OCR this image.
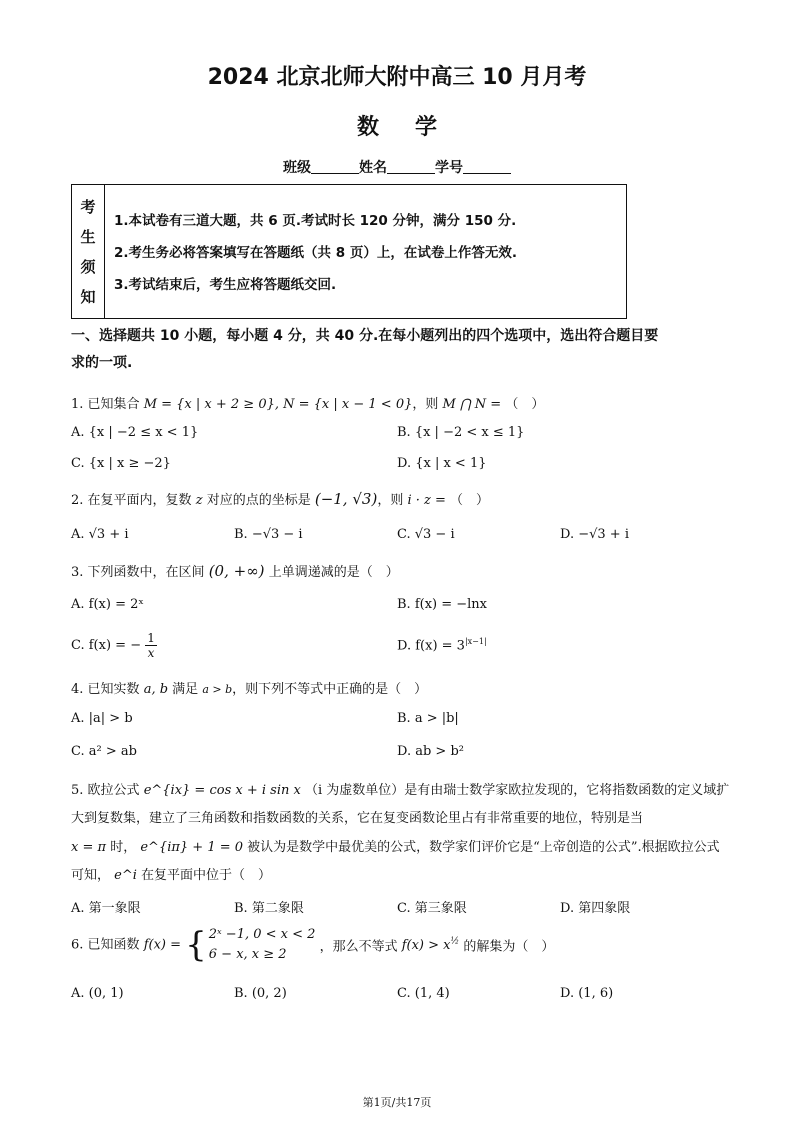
2024 北京北师大附中高三 10 月月考
数学
班级	姓名	学号
考
生
须
知
1.本试卷有三道大题，共 6 页.考试时长 120 分钟，满分 150 分.
2.考生务必将答案填写在答题纸（共 8 页）上，在试卷上作答无效.
3.考试结束后，考生应将答题纸交回.
一、选择题共 10 小题，每小题 4 分，共 40 分.在每小题列出的四个选项中，选出符合题目要
求的一项.
1. 已知集合 M = {x | x + 2 ≥ 0}, N = {x | x − 1 < 0}，则 M ⋂ N = （　）
A. {x | −2 ≤ x < 1}	B. {x | −2 < x ≤ 1}
C. {x | x ≥ −2}	D. {x | x < 1}
2. 在复平面内，复数 z 对应的点的坐标是 (−1, √3)，则 i · z = （　）
A. √3 + i	B. −√3 − i	C. √3 − i	D. −√3 + i
3. 下列函数中，在区间 (0, +∞) 上单调递减的是（　）
A. f(x) = 2ˣ	B. f(x) = −lnx
C. f(x) = − $\frac{1}{x}$	D. $f(x) = 3^{|x-1|}$
4. 已知实数 a, b 满足 a > b，则下列不等式中正确的是（　）
A. |a| > b	B. a > |b|
C. a² > ab	D. ab > b²
5. 欧拉公式 e^{ix} = cos x + i sin x （i 为虚数单位）是有由瑞士数学家欧拉发现的，它将指数函数的定义域扩
大到复数集，建立了三角函数和指数函数的关系，它在复变函数论里占有非常重要的地位，特别是当
x = π 时， e^{iπ} + 1 = 0 被认为是数学中最优美的公式，数学家们评价它是“上帝创造的公式”.根据欧拉公式
可知， e^i 在复平面中位于（　）
A. 第一象限	B. 第二象限	C. 第三象限	D. 第四象限
6. 已知函数 f(x) = { 2ˣ −1, 0 < x < 2
6 − x, x ≥ 2	，那么不等式 $f(x) > x^{\frac{1}{2}}$ 的解集为（　）
A. (0, 1)	B. (0, 2)	C. (1, 4)	D. (1, 6)
第1页/共17页
